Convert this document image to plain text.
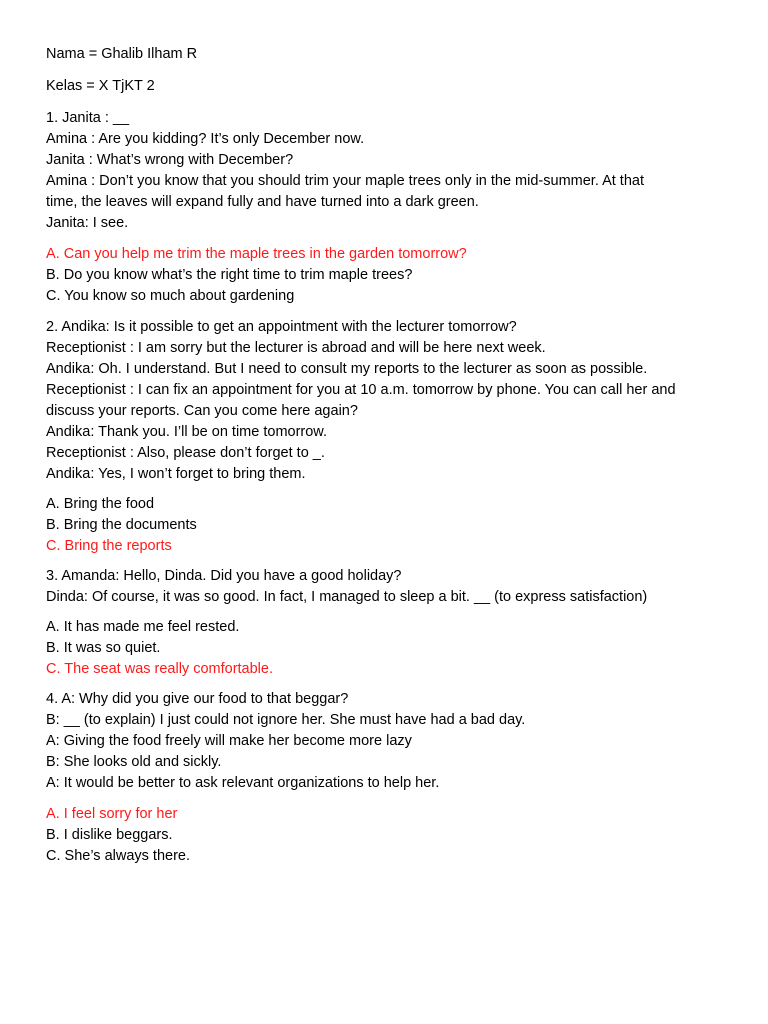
Nama = Ghalib Ilham R
Kelas = X TjKT 2
1. Janita : __
Amina : Are you kidding? It’s only December now.
Janita : What’s wrong with December?
Amina : Don’t you know that you should trim your maple trees only in the mid-summer. At that
time, the leaves will expand fully and have turned into a dark green.
Janita: I see.
A. Can you help me trim the maple trees in the garden tomorrow?
B. Do you know what’s the right time to trim maple trees?
C. You know so much about gardening
2. Andika: Is it possible to get an appointment with the lecturer tomorrow?
Receptionist : I am sorry but the lecturer is abroad and will be here next week.
Andika: Oh. I understand. But I need to consult my reports to the lecturer as soon as possible.
Receptionist : I can fix an appointment for you at 10 a.m. tomorrow by phone. You can call her and
discuss your reports. Can you come here again?
Andika: Thank you. I’ll be on time tomorrow.
Receptionist : Also, please don’t forget to _.
Andika: Yes, I won’t forget to bring them.
A. Bring the food
B. Bring the documents
C. Bring the reports
3. Amanda: Hello, Dinda. Did you have a good holiday?
Dinda: Of course, it was so good. In fact, I managed to sleep a bit. __ (to express satisfaction)
A. It has made me feel rested.
B. It was so quiet.
C. The seat was really comfortable.
4. A: Why did you give our food to that beggar?
B: __ (to explain) I just could not ignore her. She must have had a bad day.
A: Giving the food freely will make her become more lazy
B: She looks old and sickly.
A: It would be better to ask relevant organizations to help her.
A. I feel sorry for her
B. I dislike beggars.
C. She’s always there.
